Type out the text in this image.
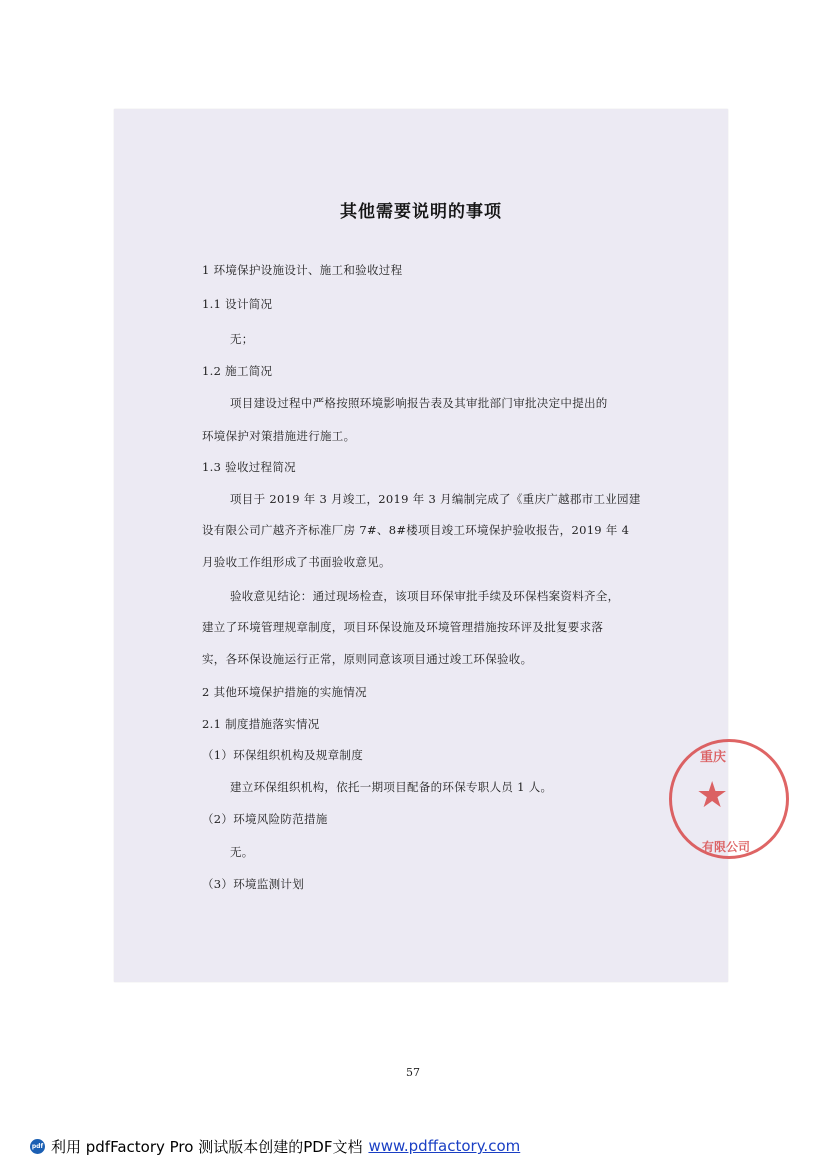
其他需要说明的事项
1 环境保护设施设计、施工和验收过程
1.1 设计简况
无；
1.2 施工简况
项目建设过程中严格按照环境影响报告表及其审批部门审批决定中提出的
环境保护对策措施进行施工。
1.3 验收过程简况
项目于 2019 年 3 月竣工，2019 年 3 月编制完成了《重庆广越郡市工业园建
设有限公司广越齐齐标准厂房 7#、8#楼项目竣工环境保护验收报告，2019 年 4
月验收工作组形成了书面验收意见。
验收意见结论：通过现场检查，该项目环保审批手续及环保档案资料齐全，
建立了环境管理规章制度，项目环保设施及环境管理措施按环评及批复要求落
实，各环保设施运行正常，原则同意该项目通过竣工环保验收。
2 其他环境保护措施的实施情况
2.1 制度措施落实情况
（1）环保组织机构及规章制度
建立环保组织机构，依托一期项目配备的环保专职人员 1 人。
（2）环境风险防范措施
无。
（3）环境监测计划
重庆
★
有限公司
57
pdf 利用 pdfFactory Pro 测试版本创建的PDF文档 www.pdffactory.com
